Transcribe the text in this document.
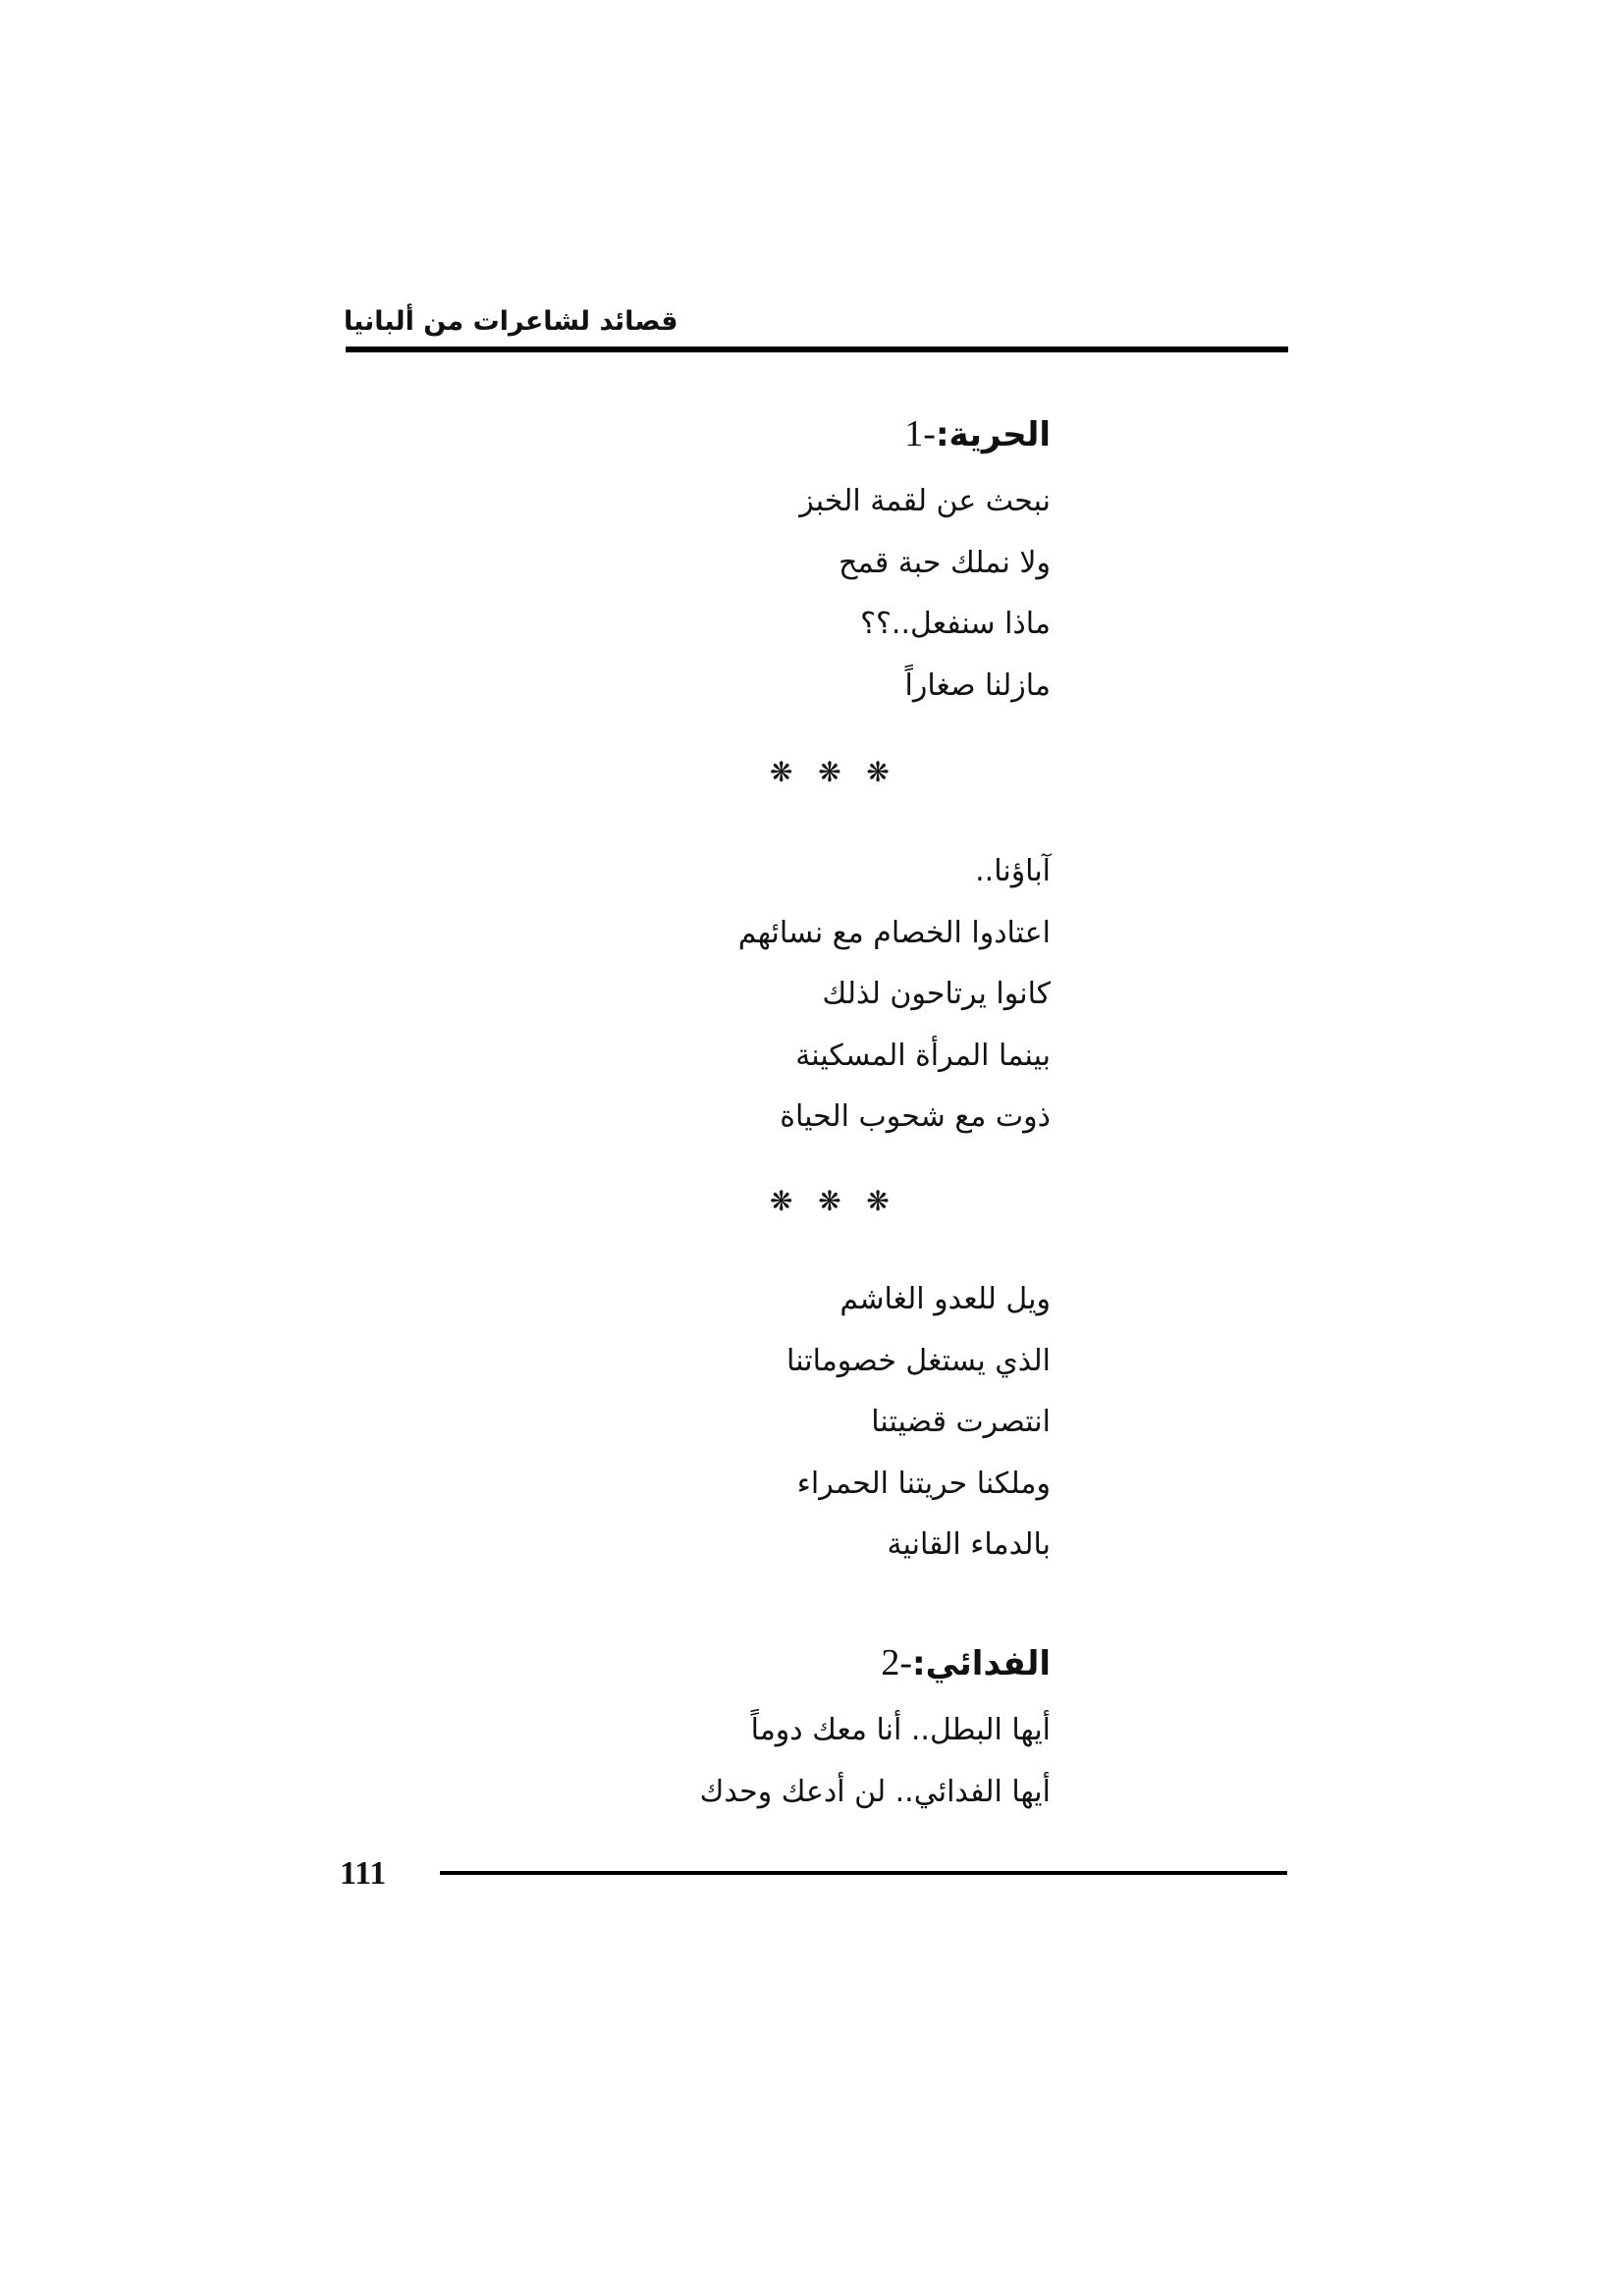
قصائد لشاعرات من ألبانيا
الحرية:-1
نبحث عن لقمة الخبز
ولا نملك حبة قمح
ماذا سنفعل..؟؟
مازلنا صغاراً
❋ ❋ ❋
آباؤنا..
اعتادوا الخصام مع نسائهم
كانوا يرتاحون لذلك
بينما المرأة المسكينة
ذوت مع شحوب الحياة
❋ ❋ ❋
ويل للعدو الغاشم
الذي يستغل خصوماتنا
انتصرت قضيتنا
وملكنا حريتنا الحمراء
بالدماء القانية
الفدائي:-2
أيها البطل.. أنا معك دوماً
أيها الفدائي.. لن أدعك وحدك
111
